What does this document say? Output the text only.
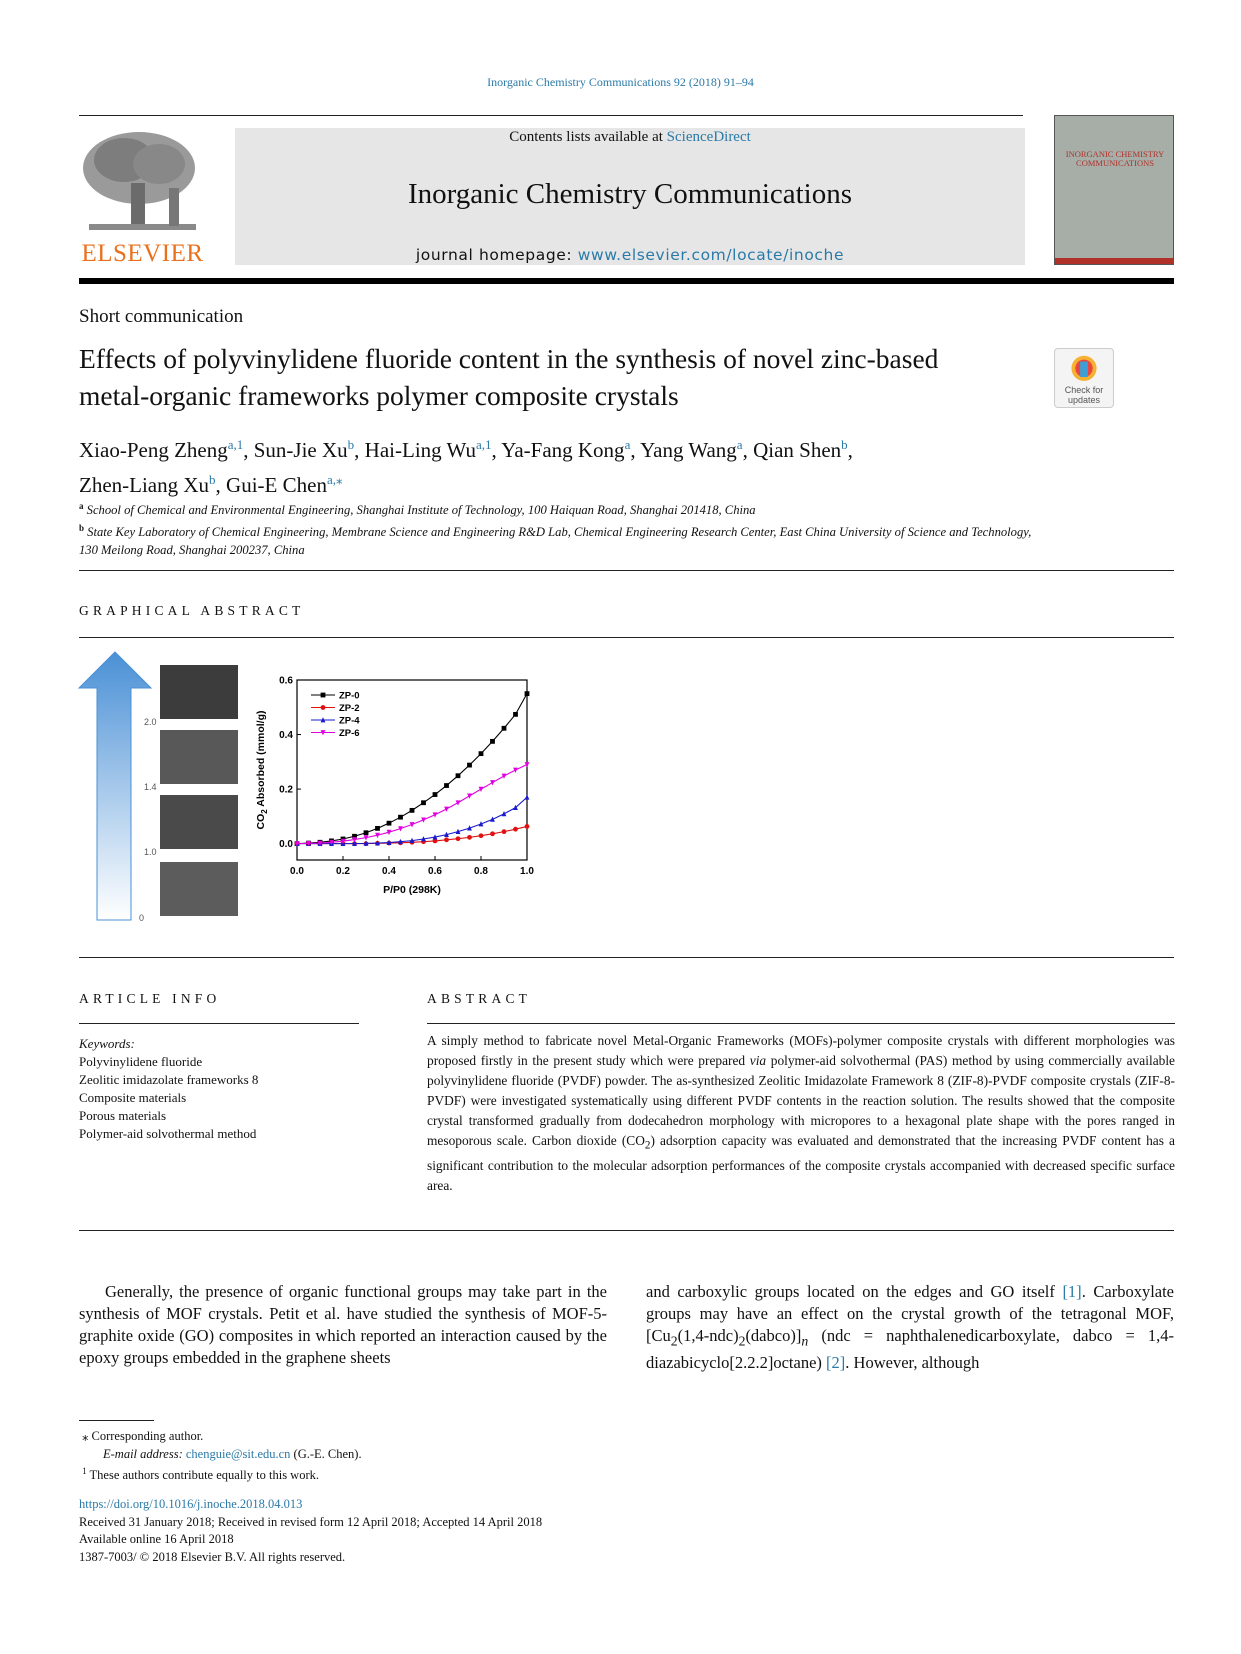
Inorganic Chemistry Communications 92 (2018) 91–94
ELSEVIER
Contents lists available at ScienceDirect
Inorganic Chemistry Communications
journal homepage: www.elsevier.com/locate/inoche
INORGANIC CHEMISTRY COMMUNICATIONS
Short communication
Effects of polyvinylidene fluoride content in the synthesis of novel zinc-based metal-organic frameworks polymer composite crystals	Check for updates
Xiao-Peng Zheng$^{a,1}$, Sun-Jie Xu$^b$, Hai-Ling Wu$^{a,1}$, Ya-Fang Kong$^a$, Yang Wang$^a$, Qian Shen$^b$,
Zhen-Liang Xu$^b$, Gui-E Chen$^{a,⁎}$
$^a$ School of Chemical and Environmental Engineering, Shanghai Institute of Technology, 100 Haiquan Road, Shanghai 201418, China
$^b$ State Key Laboratory of Chemical Engineering, Membrane Science and Engineering R&D Lab, Chemical Engineering Research Center, East China University of Science and Technology, 130 Meilong Road, Shanghai 200237, China
GRAPHICAL ABSTRACT
2.0
1.4
1.0
0
0.0	0.2	0.4	0.6	0.8	1.0
0.0
0.2
0.4
0.6
P/P0 (298K)
$CO_2$ Absorbed (mmol/g)
ZP-0
ZP-2
ZP-4
ZP-6
ARTICLE INFO
Keywords:
Polyvinylidene fluoride
Zeolitic imidazolate frameworks 8
Composite materials
Porous materials
Polymer-aid solvothermal method
ABSTRACT
A simply method to fabricate novel Metal-Organic Frameworks (MOFs)-polymer composite crystals with different morphologies was proposed firstly in the present study which were prepared via polymer-aid solvothermal (PAS) method by using commercially available polyvinylidene fluoride (PVDF) powder. The as-synthesized Zeolitic Imidazolate Framework 8 (ZIF-8)-PVDF composite crystals (ZIF-8-PVDF) were investigated systematically using different PVDF contents in the reaction solution. The results showed that the composite crystal transformed gradually from dodecahedron morphology with micropores to a hexagonal plate shape with the pores ranged in mesoporous scale. Carbon dioxide $(CO_2)$ adsorption capacity was evaluated and demonstrated that the increasing PVDF content has a significant contribution to the molecular adsorption performances of the composite crystals accompanied with decreased specific surface area.
Generally, the presence of organic functional groups may take part in the synthesis of MOF crystals. Petit et al. have studied the synthesis of MOF-5-graphite oxide (GO) composites in which reported an interaction caused by the epoxy groups embedded in the graphene sheets
and carboxylic groups located on the edges and GO itself [1]. Carboxylate groups may have an effect on the crystal growth of the tetragonal MOF, $[Cu_2(1,4-ndc)_2(dabco)]_n$ (ndc = naphthalenedicarboxylate, dabco = 1,4-diazabicyclo[2.2.2]octane) [2]. However, although
⁎ Corresponding author.
E-mail address: chenguie@sit.edu.cn (G.-E. Chen).
$^1$ These authors contribute equally to this work.
https://doi.org/10.1016/j.inoche.2018.04.013
Received 31 January 2018; Received in revised form 12 April 2018; Accepted 14 April 2018
Available online 16 April 2018
1387-7003/ © 2018 Elsevier B.V. All rights reserved.
